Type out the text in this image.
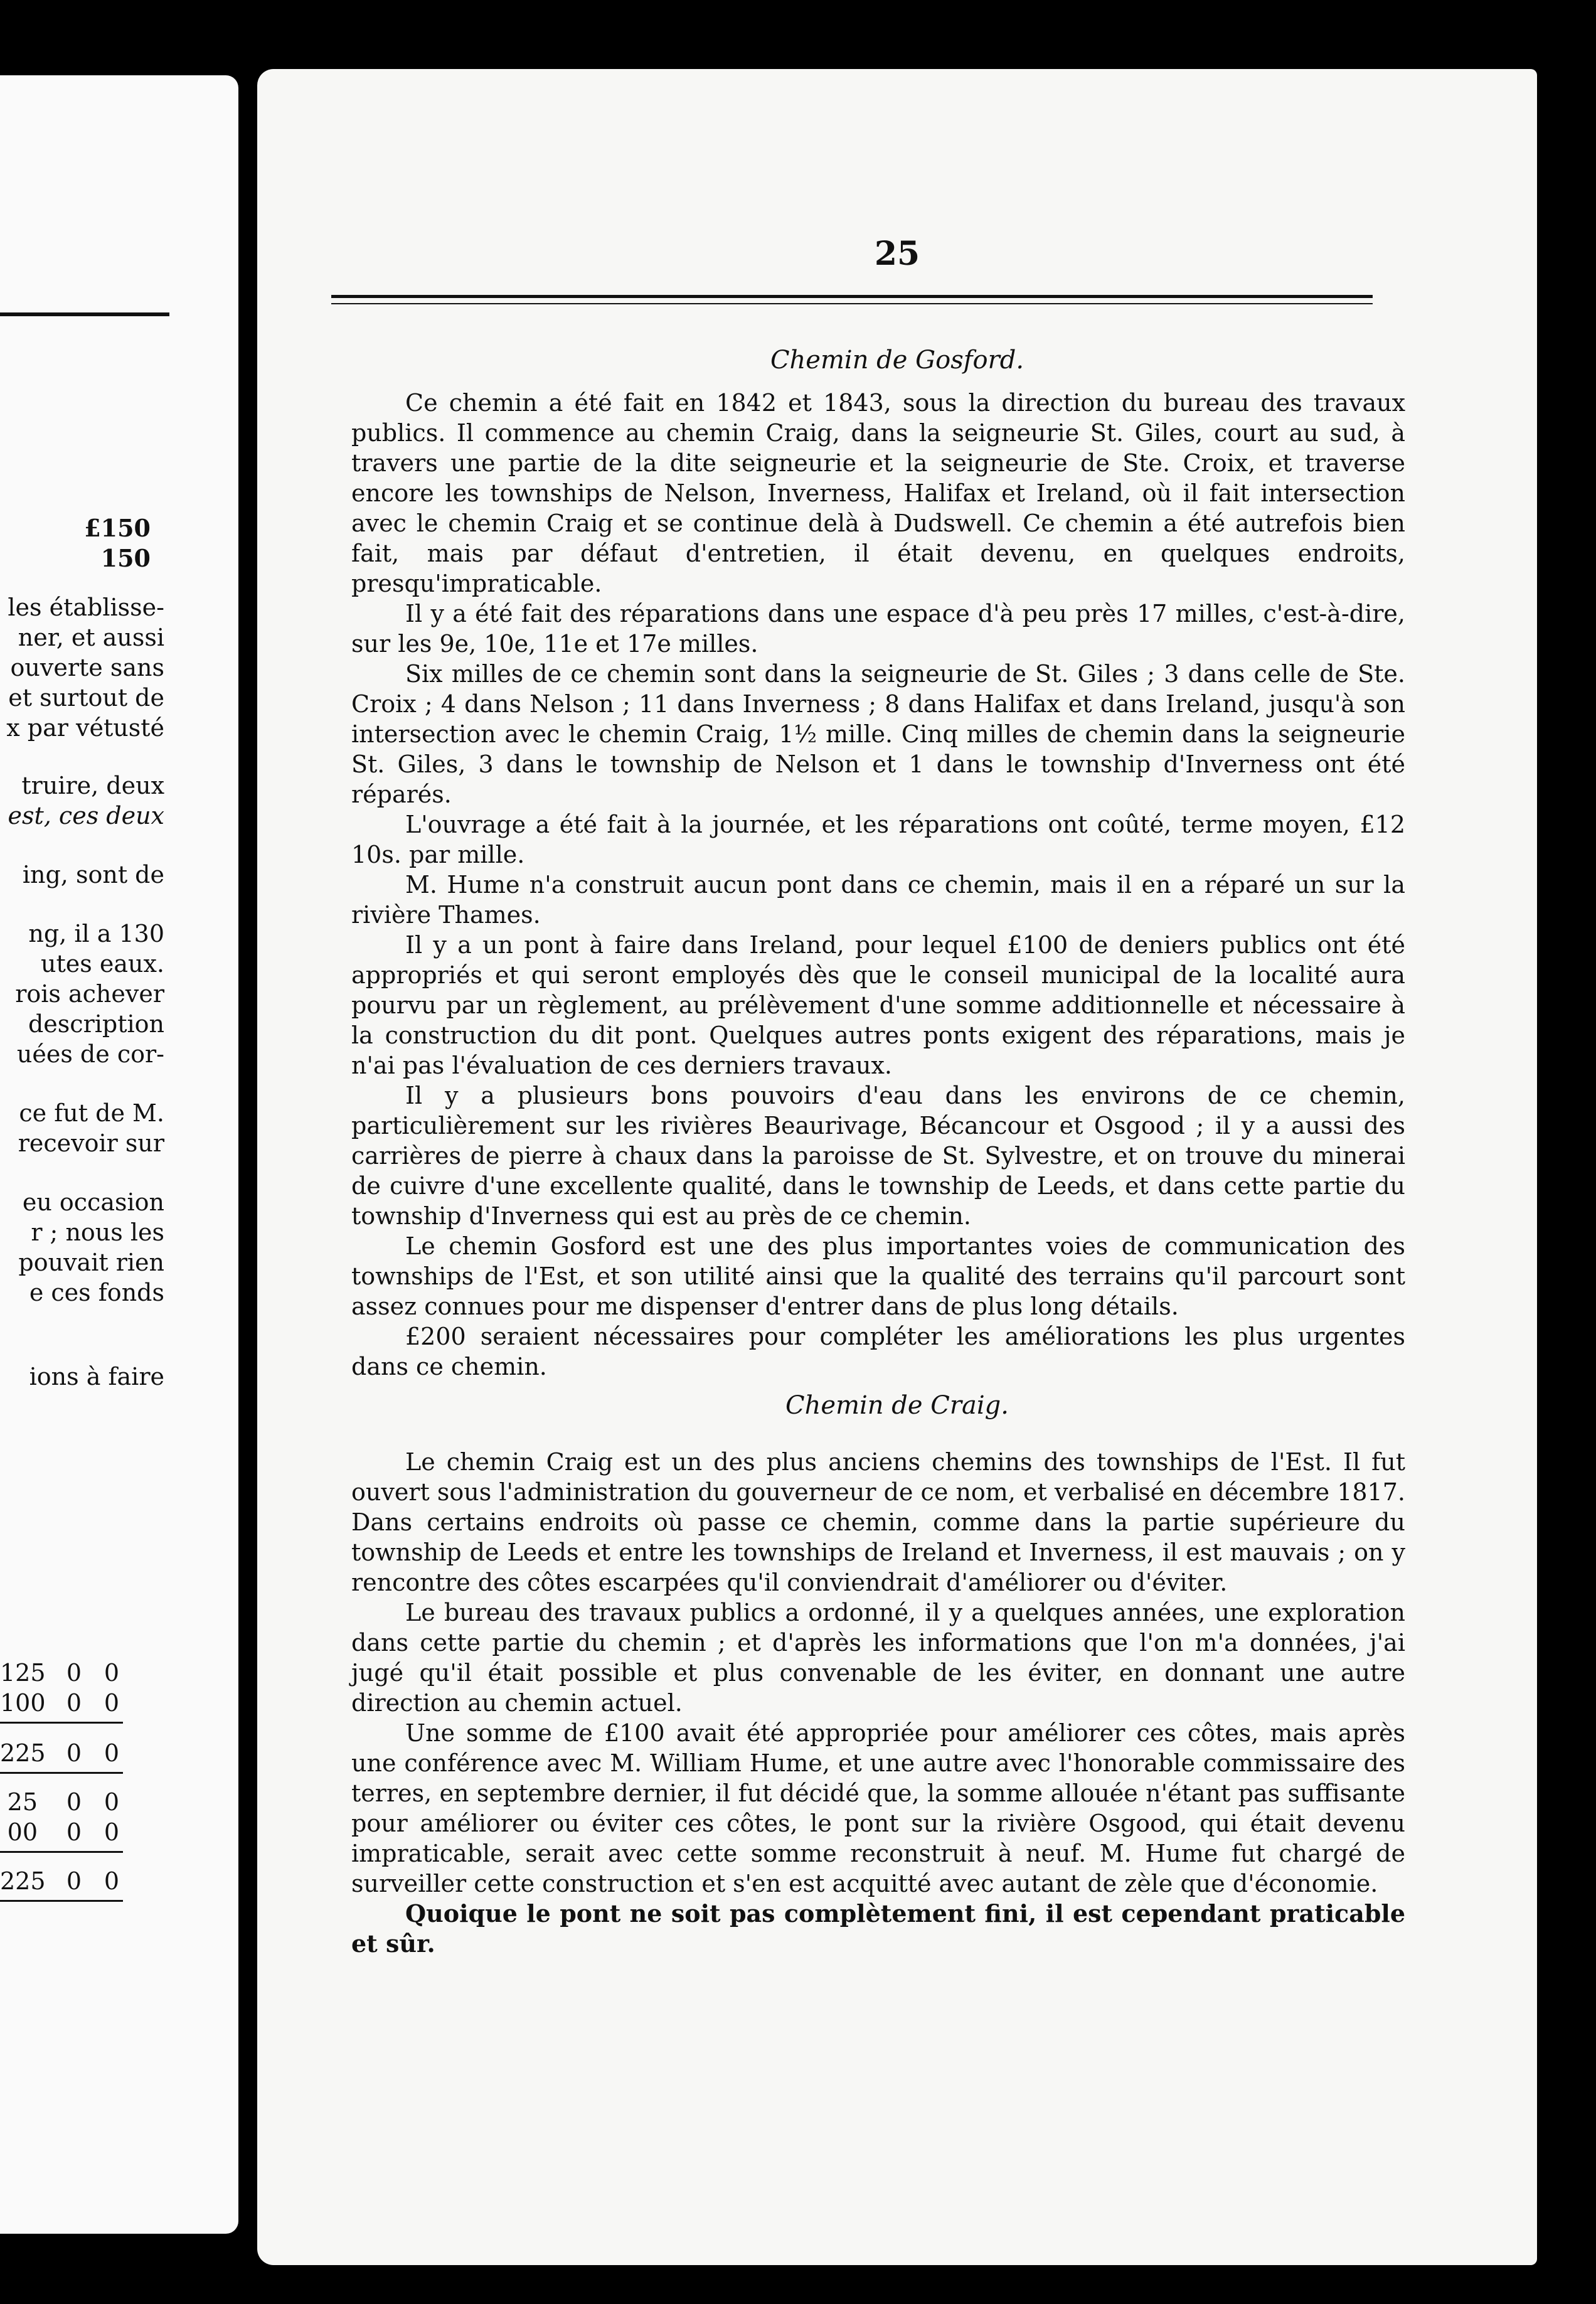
£150
150
les établisse-
ner, et aussi
ouverte sans
et surtout de
x par vétusté
truire, deux
est, ces deux
ing, sont de
ng, il a 130
utes eaux.
rois achever
description
uées de cor-
ce fut de M.
recevoir sur
eu occasion
r ; nous les
pouvait rien
e ces fonds
ions à faire
125 0 0
100 0 0
225 0 0
25 0 0
00 0 0
225 0 0
25
Chemin de Gosford.

Ce chemin a été fait en 1842 et 1843, sous la direction du bureau des travaux publics. Il commence au chemin Craig, dans la seigneurie St. Giles, court au sud, à travers une partie de la dite seigneurie et la seigneurie de Ste. Croix, et traverse encore les townships de Nelson, Inverness, Halifax et Ireland, où il fait intersection avec le chemin Craig et se continue delà à Dudswell. Ce chemin a été autrefois bien fait, mais par défaut d'entretien, il était devenu, en quelques endroits, presqu'impraticable.

Il y a été fait des réparations dans une espace d'à peu près 17 milles, c'est-à-dire, sur les 9e, 10e, 11e et 17e milles.

Six milles de ce chemin sont dans la seigneurie de St. Giles ; 3 dans celle de Ste. Croix ; 4 dans Nelson ; 11 dans Inverness ; 8 dans Halifax et dans Ireland, jusqu'à son intersection avec le chemin Craig, 1½ mille. Cinq milles de chemin dans la seigneurie St. Giles, 3 dans le township de Nelson et 1 dans le township d'Inverness ont été réparés.

L'ouvrage a été fait à la journée, et les réparations ont coûté, terme moyen, £12 10s. par mille.

M. Hume n'a construit aucun pont dans ce chemin, mais il en a réparé un sur la rivière Thames.

Il y a un pont à faire dans Ireland, pour lequel £100 de deniers publics ont été appropriés et qui seront employés dès que le conseil municipal de la localité aura pourvu par un règlement, au prélèvement d'une somme additionnelle et nécessaire à la construction du dit pont. Quelques autres ponts exigent des réparations, mais je n'ai pas l'évaluation de ces derniers travaux.

Il y a plusieurs bons pouvoirs d'eau dans les environs de ce chemin, particulièrement sur les rivières Beaurivage, Bécancour et Osgood ; il y a aussi des carrières de pierre à chaux dans la paroisse de St. Sylvestre, et on trouve du minerai de cuivre d'une excellente qualité, dans le township de Leeds, et dans cette partie du township d'Inverness qui est au près de ce chemin.

Le chemin Gosford est une des plus importantes voies de communication des townships de l'Est, et son utilité ainsi que la qualité des terrains qu'il parcourt sont assez connues pour me dispenser d'entrer dans de plus long détails.

£200 seraient nécessaires pour compléter les améliorations les plus urgentes dans ce chemin.

Chemin de Craig.

Le chemin Craig est un des plus anciens chemins des townships de l'Est. Il fut ouvert sous l'administration du gouverneur de ce nom, et verbalisé en décembre 1817. Dans certains endroits où passe ce chemin, comme dans la partie supérieure du township de Leeds et entre les townships de Ireland et Inverness, il est mauvais ; on y rencontre des côtes escarpées qu'il conviendrait d'améliorer ou d'éviter.

Le bureau des travaux publics a ordonné, il y a quelques années, une exploration dans cette partie du chemin ; et d'après les informations que l'on m'a données, j'ai jugé qu'il était possible et plus convenable de les éviter, en donnant une autre direction au chemin actuel.

Une somme de £100 avait été appropriée pour améliorer ces côtes, mais après une conférence avec M. William Hume, et une autre avec l'honorable commissaire des terres, en septembre dernier, il fut décidé que, la somme allouée n'étant pas suffisante pour améliorer ou éviter ces côtes, le pont sur la rivière Osgood, qui était devenu impraticable, serait avec cette somme reconstruit à neuf. M. Hume fut chargé de surveiller cette construction et s'en est acquitté avec autant de zèle que d'économie.

Quoique le pont ne soit pas complètement fini, il est cependant praticable et sûr.
